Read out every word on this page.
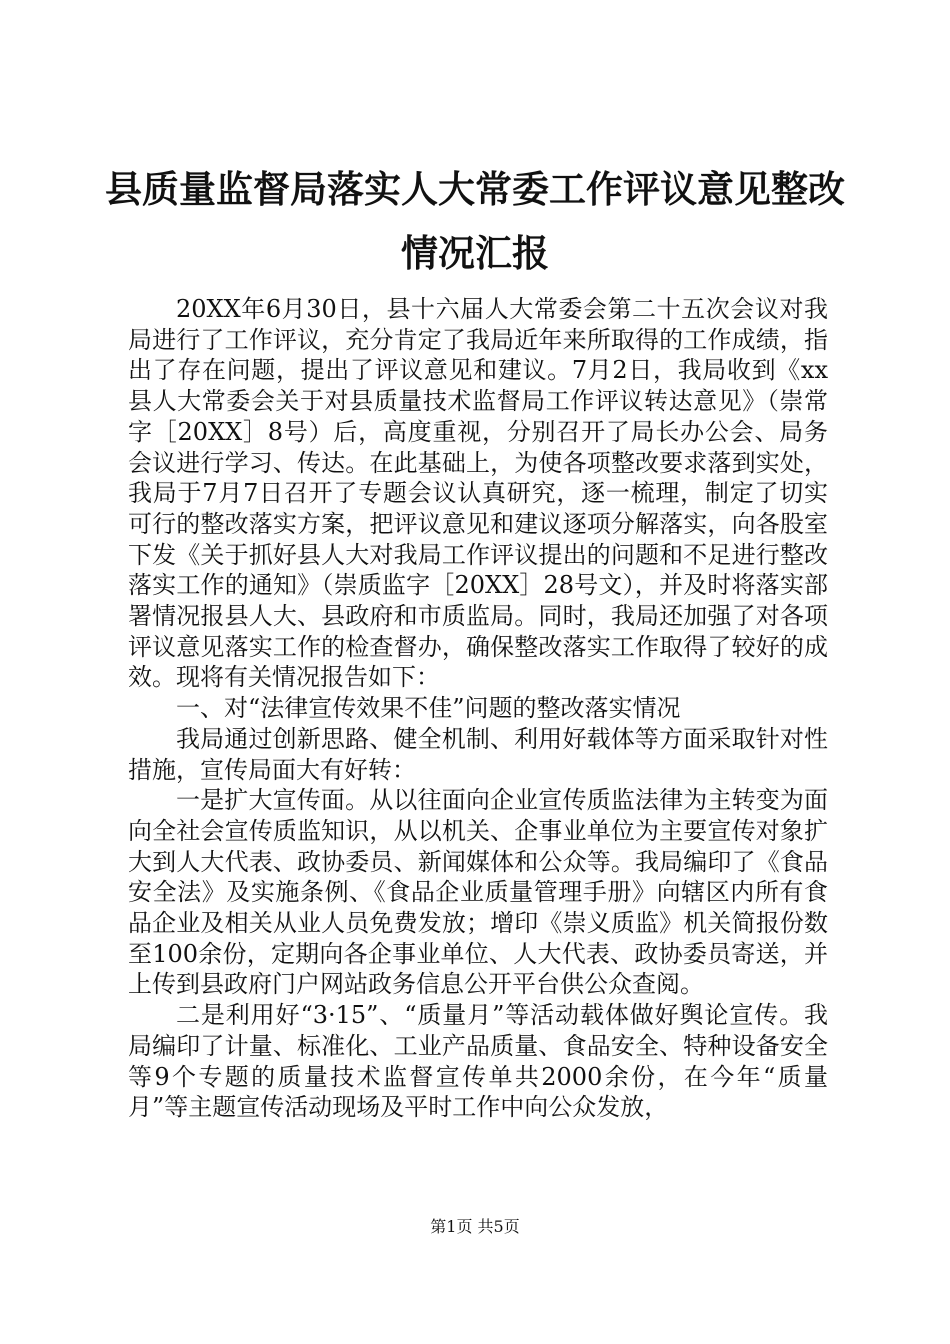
县质量监督局落实人大常委工作评议意见整改情况汇报

20XX年6月30日，县十六届人大常委会第二十五次会议对我局进行了工作评议，充分肯定了我局近年来所取得的工作成绩，指出了存在问题，提出了评议意见和建议。7月2日，我局收到《xx县人大常委会关于对县质量技术监督局工作评议转达意见》（崇常字［20XX］8号）后，高度重视，分别召开了局长办公会、局务会议进行学习、传达。在此基础上，为使各项整改要求落到实处，我局于7月7日召开了专题会议认真研究，逐一梳理，制定了切实可行的整改落实方案，把评议意见和建议逐项分解落实，向各股室下发《关于抓好县人大对我局工作评议提出的问题和不足进行整改落实工作的通知》（崇质监字［20XX］28号文），并及时将落实部署情况报县人大、县政府和市质监局。同时，我局还加强了对各项评议意见落实工作的检查督办，确保整改落实工作取得了较好的成效。现将有关情况报告如下：

一、对“法律宣传效果不佳”问题的整改落实情况

我局通过创新思路、健全机制、利用好载体等方面采取针对性措施，宣传局面大有好转：

一是扩大宣传面。从以往面向企业宣传质监法律为主转变为面向全社会宣传质监知识，从以机关、企事业单位为主要宣传对象扩大到人大代表、政协委员、新闻媒体和公众等。我局编印了《食品安全法》及实施条例、《食品企业质量管理手册》向辖区内所有食品企业及相关从业人员免费发放；增印《崇义质监》机关简报份数至100余份，定期向各企事业单位、人大代表、政协委员寄送，并上传到县政府门户网站政务信息公开平台供公众查阅。

二是利用好“3·15”、“质量月”等活动载体做好舆论宣传。我局编印了计量、标准化、工业产品质量、食品安全、特种设备安全等9个专题的质量技术监督宣传单共2000余份，在今年“质量月”等主题宣传活动现场及平时工作中向公众发放，

第1页 共5页
